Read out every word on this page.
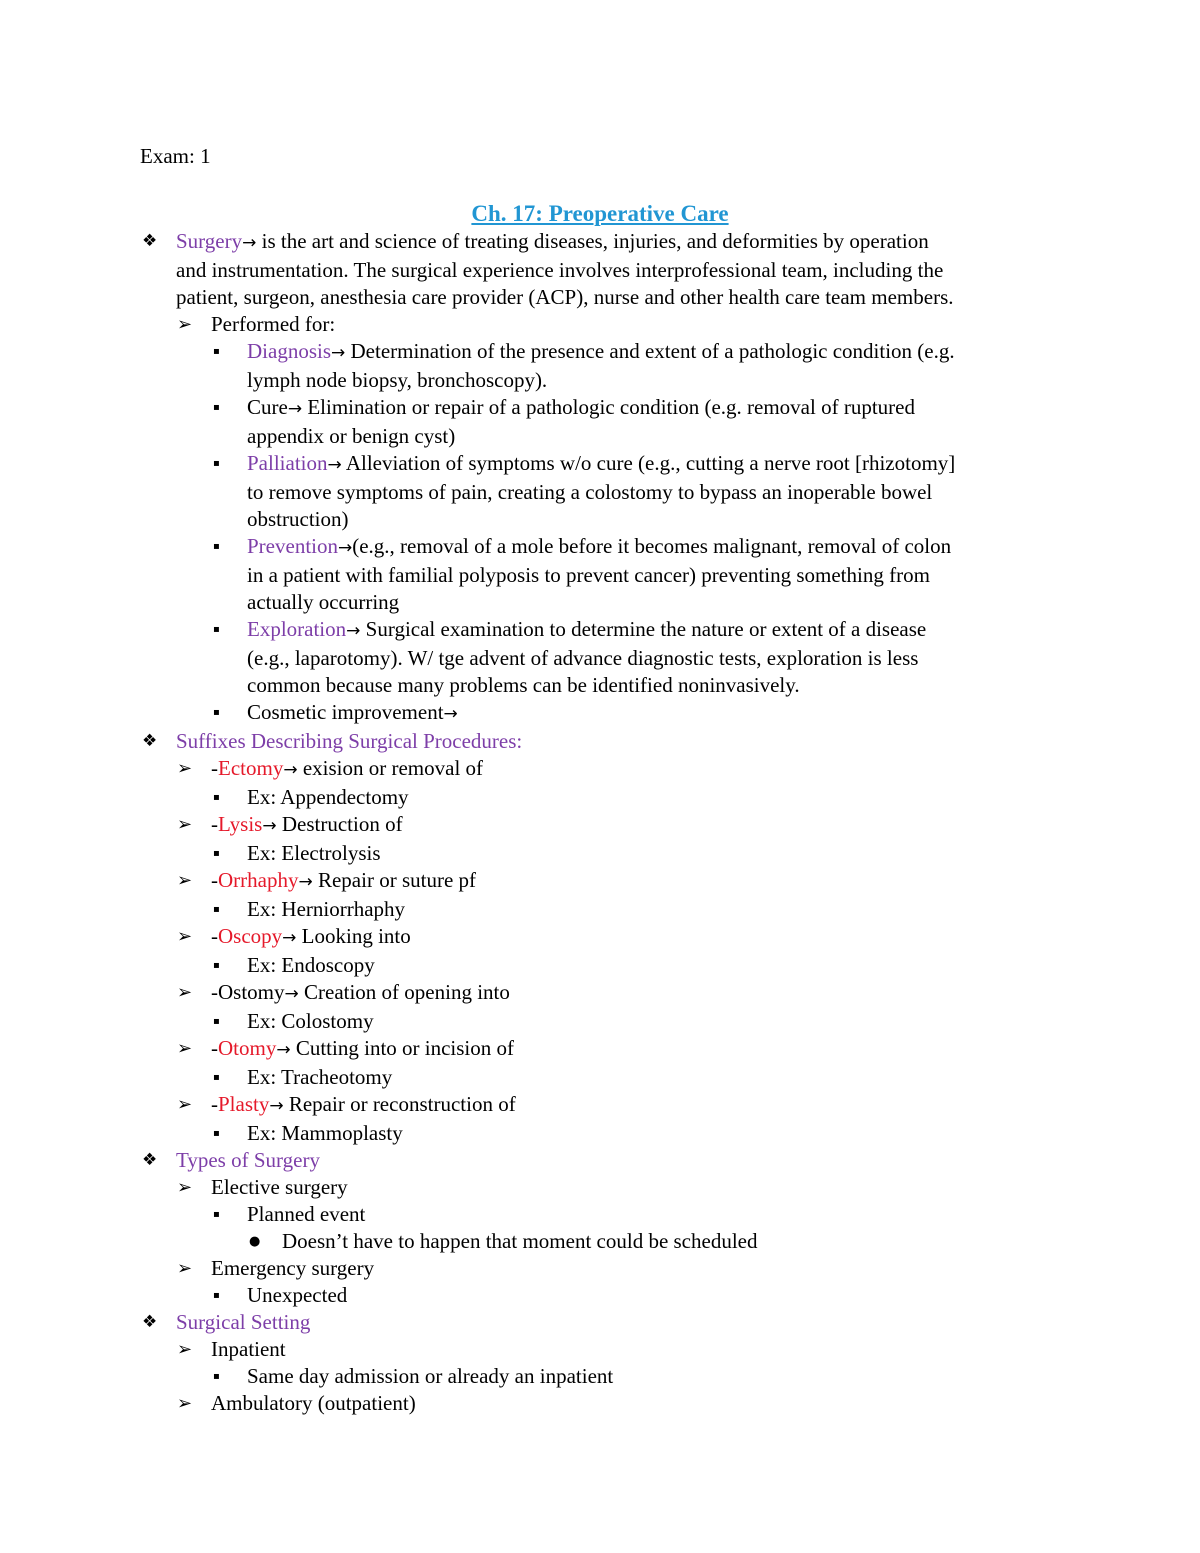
Exam: 1
Ch. 17: Preoperative Care
❖ Surgery→ is the art and science of treating diseases, injuries, and deformities by operation
and instrumentation. The surgical experience involves interprofessional team, including the
patient, surgeon, anesthesia care provider (ACP), nurse and other health care team members.
➢ Performed for:
▪ Diagnosis→ Determination of the presence and extent of a pathologic condition (e.g.
lymph node biopsy, bronchoscopy).
▪ Cure→ Elimination or repair of a pathologic condition (e.g. removal of ruptured
appendix or benign cyst)
▪ Palliation→ Alleviation of symptoms w/o cure (e.g., cutting a nerve root [rhizotomy]
to remove symptoms of pain, creating a colostomy to bypass an inoperable bowel
obstruction)
▪ Prevention→(e.g., removal of a mole before it becomes malignant, removal of colon
in a patient with familial polyposis to prevent cancer) preventing something from
actually occurring
▪ Exploration→ Surgical examination to determine the nature or extent of a disease
(e.g., laparotomy). W/ tge advent of advance diagnostic tests, exploration is less
common because many problems can be identified noninvasively.
▪ Cosmetic improvement→
❖ Suffixes Describing Surgical Procedures:
➢ -Ectomy→ exision or removal of
▪ Ex: Appendectomy
➢ -Lysis→ Destruction of
▪ Ex: Electrolysis
➢ -Orrhaphy→ Repair or suture pf
▪ Ex: Herniorrhaphy
➢ -Oscopy→ Looking into
▪ Ex: Endoscopy
➢ -Ostomy→ Creation of opening into
▪ Ex: Colostomy
➢ -Otomy→ Cutting into or incision of
▪ Ex: Tracheotomy
➢ -Plasty→ Repair or reconstruction of
▪ Ex: Mammoplasty
❖ Types of Surgery
➢ Elective surgery
▪ Planned event
● Doesn’t have to happen that moment could be scheduled
➢ Emergency surgery
▪ Unexpected
❖ Surgical Setting
➢ Inpatient
▪ Same day admission or already an inpatient
➢ Ambulatory (outpatient)
